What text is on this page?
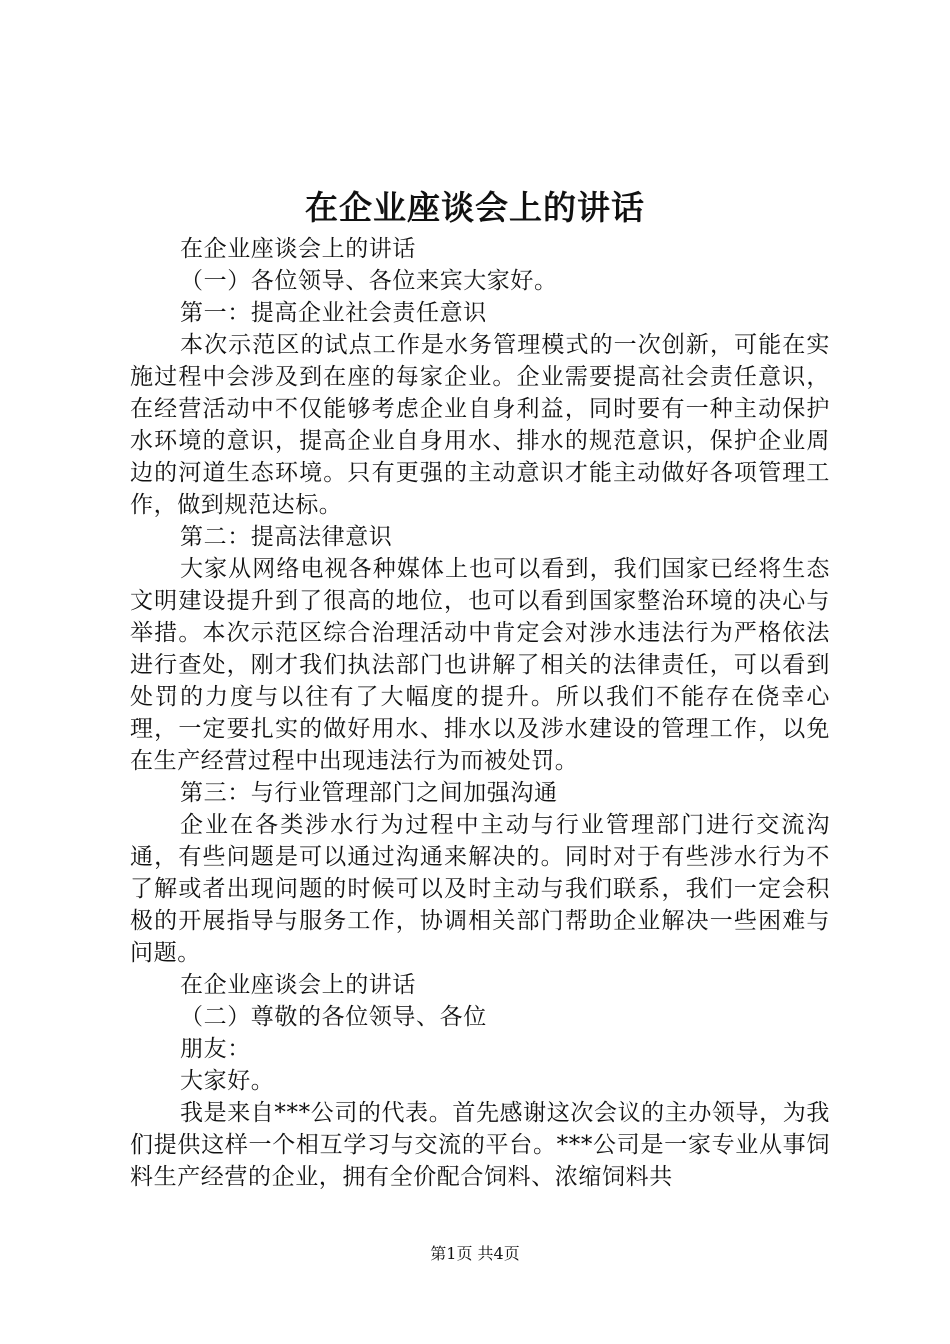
在企业座谈会上的讲话

在企业座谈会上的讲话

（一）各位领导、各位来宾大家好。

第一：提高企业社会责任意识

本次示范区的试点工作是水务管理模式的一次创新，可能在实施过程中会涉及到在座的每家企业。企业需要提高社会责任意识，在经营活动中不仅能够考虑企业自身利益，同时要有一种主动保护水环境的意识，提高企业自身用水、排水的规范意识，保护企业周边的河道生态环境。只有更强的主动意识才能主动做好各项管理工作，做到规范达标。

第二：提高法律意识

大家从网络电视各种媒体上也可以看到，我们国家已经将生态文明建设提升到了很高的地位，也可以看到国家整治环境的决心与举措。本次示范区综合治理活动中肯定会对涉水违法行为严格依法进行查处，刚才我们执法部门也讲解了相关的法律责任，可以看到处罚的力度与以往有了大幅度的提升。所以我们不能存在侥幸心理，一定要扎实的做好用水、排水以及涉水建设的管理工作，以免在生产经营过程中出现违法行为而被处罚。

第三：与行业管理部门之间加强沟通

企业在各类涉水行为过程中主动与行业管理部门进行交流沟通，有些问题是可以通过沟通来解决的。同时对于有些涉水行为不了解或者出现问题的时候可以及时主动与我们联系，我们一定会积极的开展指导与服务工作，协调相关部门帮助企业解决一些困难与问题。

在企业座谈会上的讲话

（二）尊敬的各位领导、各位

朋友：

大家好。

我是来自***公司的代表。首先感谢这次会议的主办领导，为我们提供这样一个相互学习与交流的平台。***公司是一家专业从事饲料生产经营的企业，拥有全价配合饲料、浓缩饲料共

第1页 共4页
